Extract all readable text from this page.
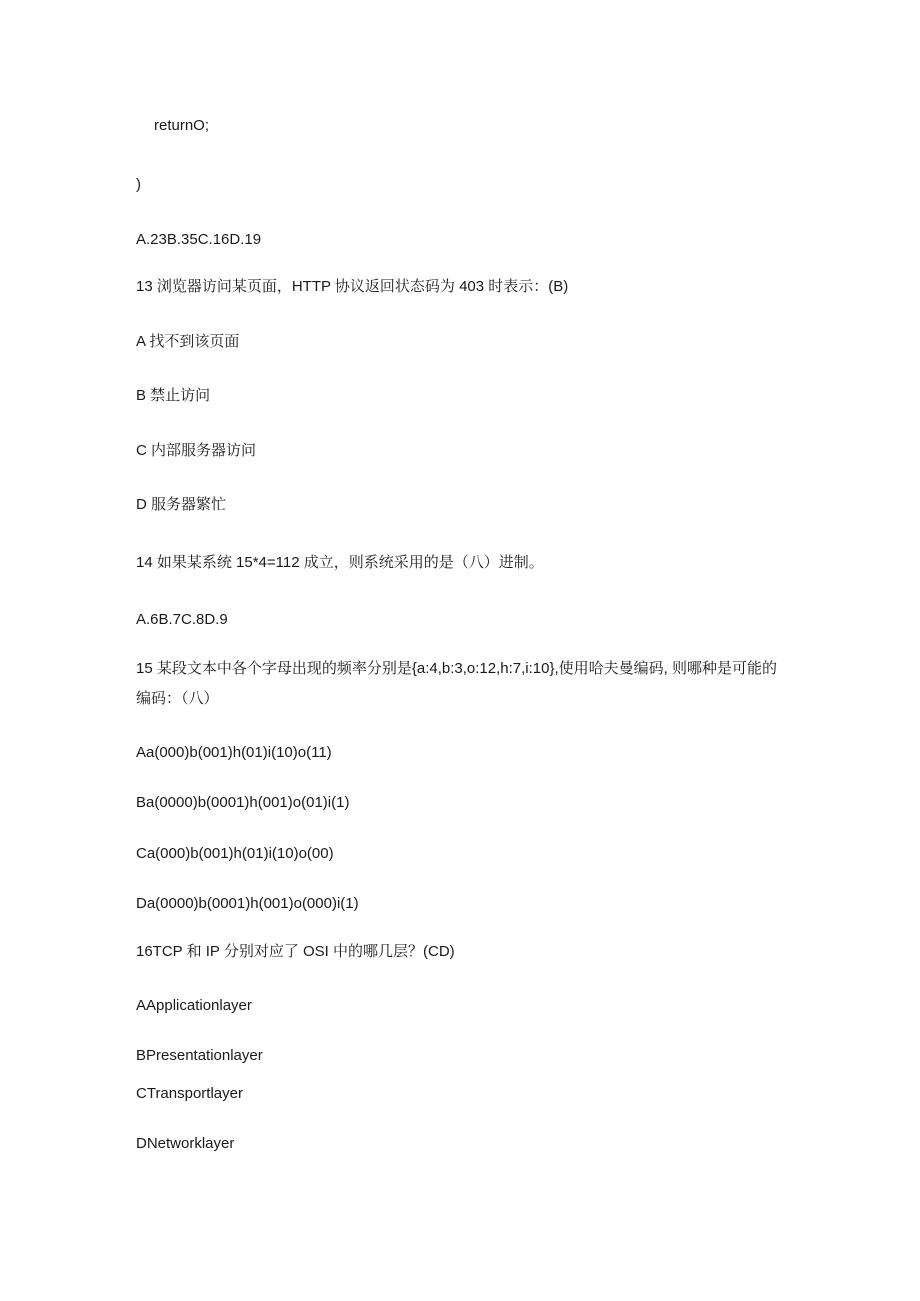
returnO;
)
A.23B.35C.16D.19
13 浏览器访问某页面，HTTP 协议返回状态码为 403 时表示：(B)
A 找不到该页面
B 禁止访问
C 内部服务器访问
D 服务器繁忙
14 如果某系统 15*4=112 成立，则系统采用的是（八）进制。
A.6B.7C.8D.9
15 某段文本中各个字母出现的频率分别是{a:4,b:3,o:12,h:7,i:10},使用哈夫曼编码, 则哪种是可能的编码：（八）
Aa(000)b(001)h(01)i(10)o(11)
Ba(0000)b(0001)h(001)o(01)i(1)
Ca(000)b(001)h(01)i(10)o(00)
Da(0000)b(0001)h(001)o(000)i(1)
16TCP 和 IP 分别对应了 OSI 中的哪几层？(CD)
AApplicationlayer
BPresentationlayer
CTransportlayer
DNetworklayer
